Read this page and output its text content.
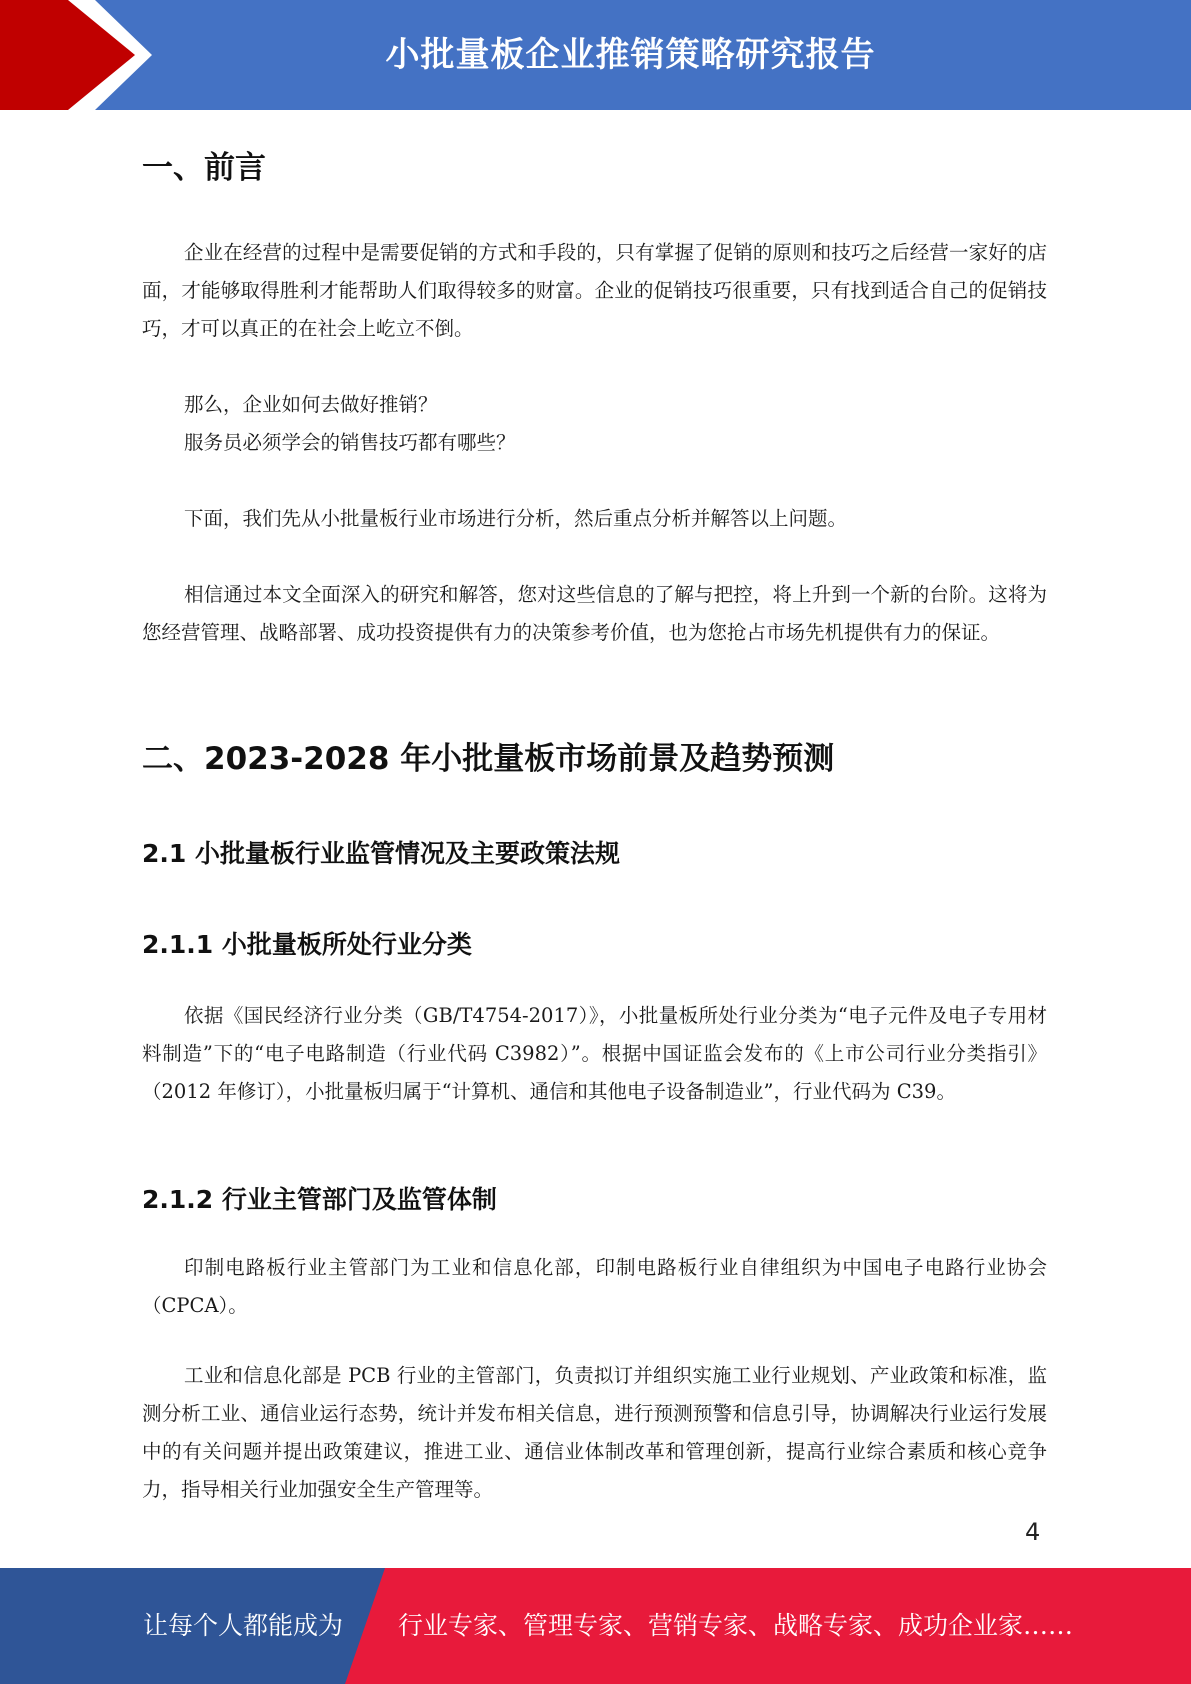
小批量板企业推销策略研究报告
一、前言

企业在经营的过程中是需要促销的方式和手段的，只有掌握了促销的原则和技巧之后经营一家好的店面，才能够取得胜利才能帮助人们取得较多的财富。企业的促销技巧很重要，只有找到适合自己的促销技巧，才可以真正的在社会上屹立不倒。

那么，企业如何去做好推销？

服务员必须学会的销售技巧都有哪些？

下面，我们先从小批量板行业市场进行分析，然后重点分析并解答以上问题。

相信通过本文全面深入的研究和解答，您对这些信息的了解与把控，将上升到一个新的台阶。这将为您经营管理、战略部署、成功投资提供有力的决策参考价值，也为您抢占市场先机提供有力的保证。

二、2023-2028 年小批量板市场前景及趋势预测
2.1 小批量板行业监管情况及主要政策法规
2.1.1 小批量板所处行业分类

依据《国民经济行业分类（GB/T4754-2017）》，小批量板所处行业分类为“电子元件及电子专用材料制造”下的“电子电路制造（行业代码 C3982）”。根据中国证监会发布的《上市公司行业分类指引》（2012 年修订），小批量板归属于“计算机、通信和其他电子设备制造业”，行业代码为 C39。

2.1.2 行业主管部门及监管体制

印制电路板行业主管部门为工业和信息化部，印制电路板行业自律组织为中国电子电路行业协会（CPCA）。

工业和信息化部是 PCB 行业的主管部门，负责拟订并组织实施工业行业规划、产业政策和标准，监测分析工业、通信业运行态势，统计并发布相关信息，进行预测预警和信息引导，协调解决行业运行发展中的有关问题并提出政策建议，推进工业、通信业体制改革和管理创新，提高行业综合素质和核心竞争力，指导相关行业加强安全生产管理等。

4
让每个人都能成为 行业专家、管理专家、营销专家、战略专家、成功企业家……
